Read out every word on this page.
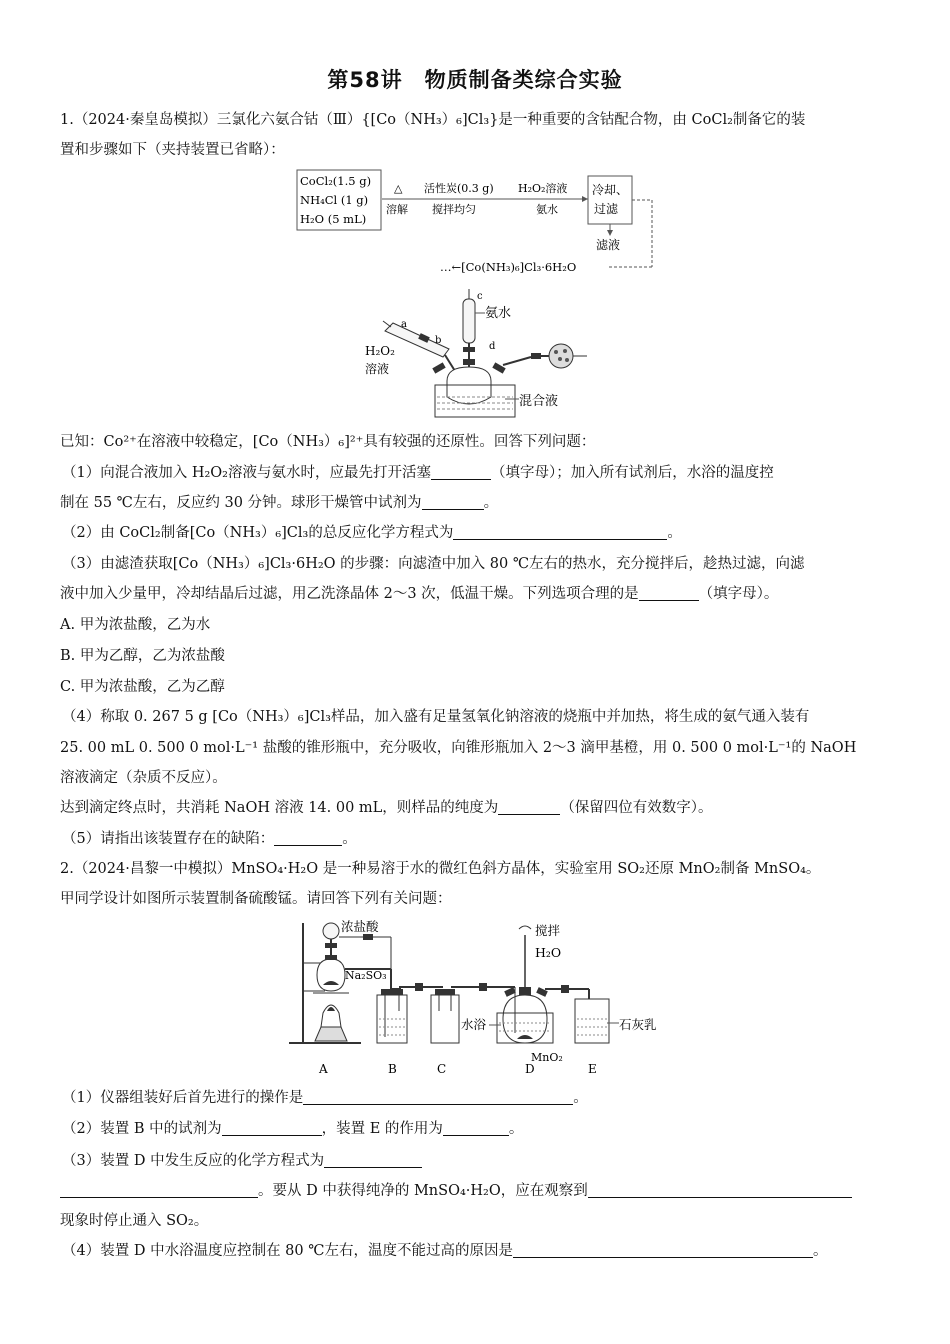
第58讲　物质制备类综合实验
1.（2024·秦皇岛模拟）三氯化六氨合钴（Ⅲ）{[Co（NH₃）₆]Cl₃}是一种重要的含钴配合物，由 CoCl₂制备它的装
置和步骤如下（夹持装置已省略）：
CoCl₂(1.5 g)
NH₄Cl (1 g)
H₂O (5 mL)
△
溶解
活性炭(0.3 g)
搅拌均匀
H₂O₂溶液
氨水
冷却、
过滤
滤液
…←[Co(NH₃)₆]Cl₃·6H₂O
a
b
H₂O₂
溶液
c
d
氨水
混合液
已知：Co²⁺在溶液中较稳定，[Co（NH₃）₆]²⁺具有较强的还原性。回答下列问题：
（1）向混合液加入 H₂O₂溶液与氨水时，应最先打开活塞	（填字母）；加入所有试剂后，水浴的温度控
制在 55 ℃左右，反应约 30 分钟。球形干燥管中试剂为	。
（2）由 CoCl₂制备[Co（NH₃）₆]Cl₃的总反应化学方程式为	。
（3）由滤渣获取[Co（NH₃）₆]Cl₃·6H₂O 的步骤：向滤渣中加入 80 ℃左右的热水，充分搅拌后，趁热过滤，向滤
液中加入少量甲，冷却结晶后过滤，用乙洗涤晶体 2～3 次，低温干燥。下列选项合理的是	（填字母）。
A. 甲为浓盐酸，乙为水
B. 甲为乙醇，乙为浓盐酸
C. 甲为浓盐酸，乙为乙醇
（4）称取 0. 267 5 g [Co（NH₃）₆]Cl₃样品，加入盛有足量氢氧化钠溶液的烧瓶中并加热，将生成的氨气通入装有
25. 00 mL 0. 500 0 mol·L⁻¹ 盐酸的锥形瓶中，充分吸收，向锥形瓶加入 2～3 滴甲基橙，用 0. 500 0 mol·L⁻¹的 NaOH
溶液滴定（杂质不反应）。
达到滴定终点时，共消耗 NaOH 溶液 14. 00 mL，则样品的纯度为	（保留四位有效数字）。
（5）请指出该装置存在的缺陷：	。
2.（2024·昌黎一中模拟）MnSO₄·H₂O 是一种易溶于水的微红色斜方晶体，实验室用 SO₂还原 MnO₂制备 MnSO₄。
甲同学设计如图所示装置制备硫酸锰。请回答下列有关问题：
浓盐酸
Na₂SO₃
搅拌
H₂O
水浴
MnO₂
石灰乳
A	B	C	D	E
（1）仪器组装好后首先进行的操作是	。
（2）装置 B 中的试剂为	，装置 E 的作用为	。
（3）装置 D 中发生反应的化学方程式为
。要从 D 中获得纯净的 MnSO₄·H₂O，应在观察到
现象时停止通入 SO₂。
（4）装置 D 中水浴温度应控制在 80 ℃左右，温度不能过高的原因是	。
